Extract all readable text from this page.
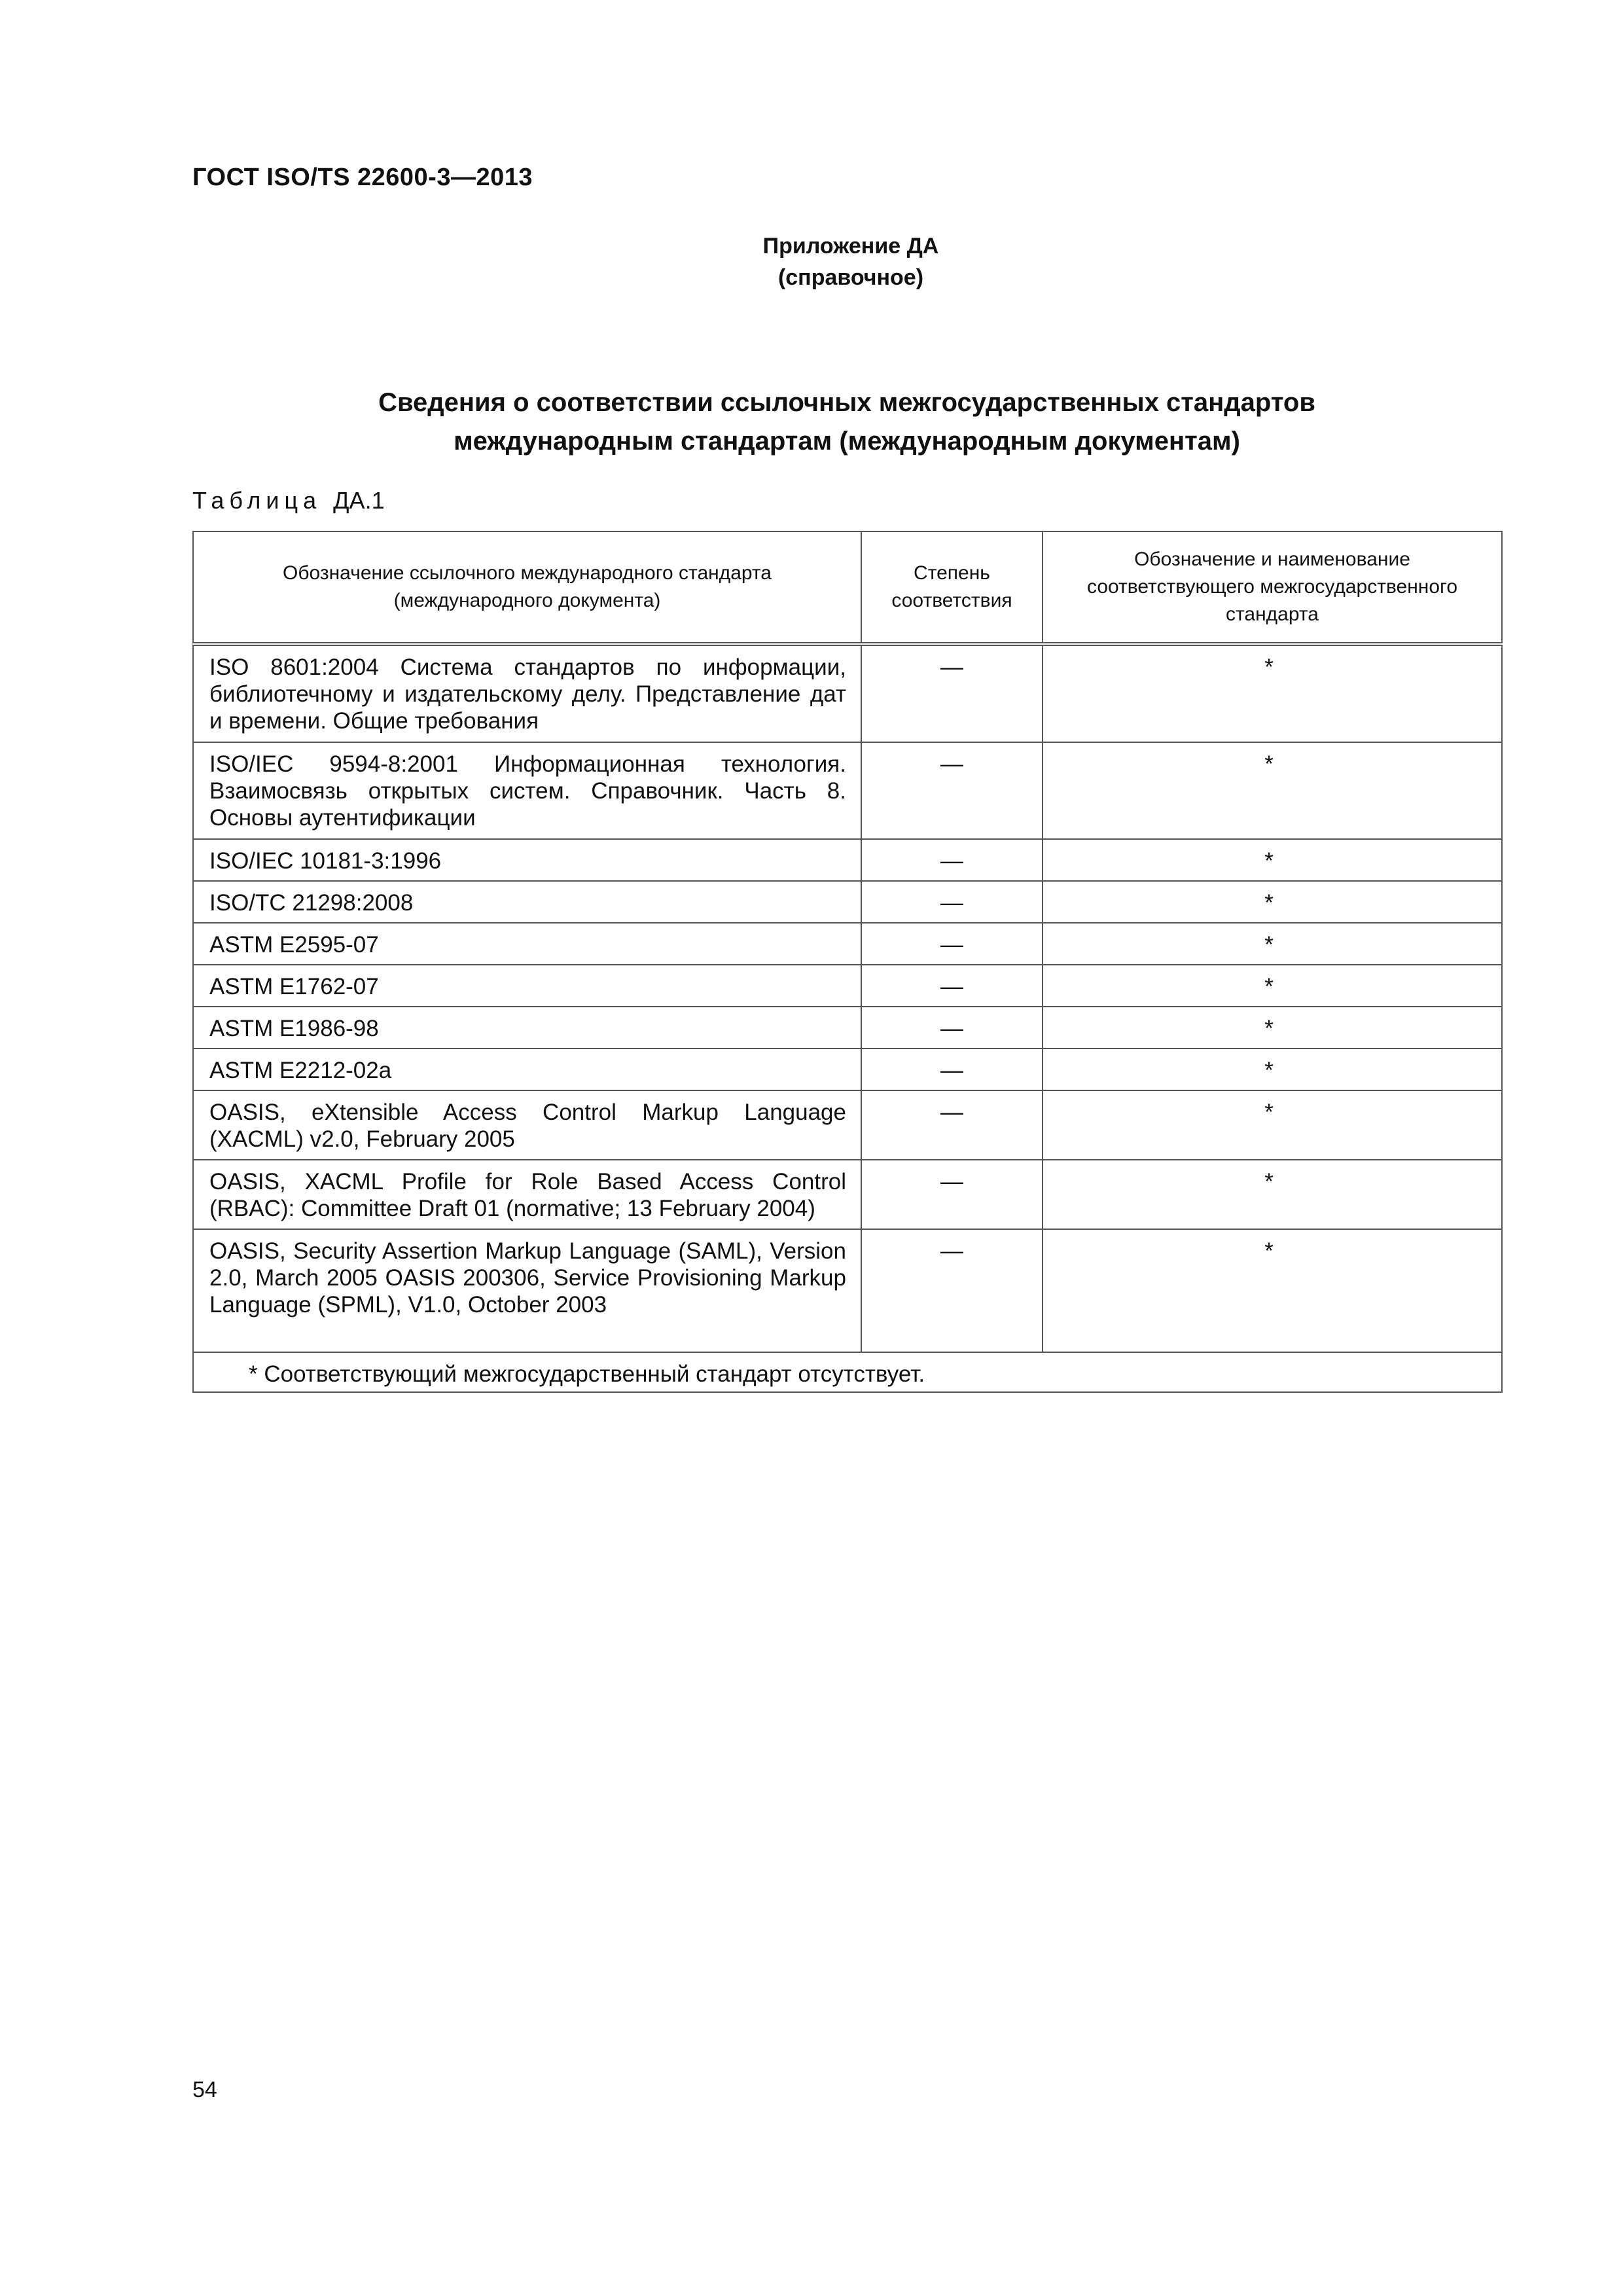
ГОСТ ISO/TS 22600-3—2013
Приложение ДА
(справочное)
Сведения о соответствии ссылочных межгосударственных стандартов
международным стандартам (международным документам)
Таблица ДА.1
Обозначение ссылочного международного стандарта (международного документа)	Степень соответствия	Обозначение и наименование соответствующего межгосударственного стандарта
ISO 8601:2004 Система стандартов по информации, библиотечному и издательскому делу. Представление дат и времени. Общие требования	—	*
ISO/IEC 9594-8:2001 Информационная технология. Взаимосвязь открытых систем. Справочник. Часть 8. Основы аутентификации	—	*
ISO/IEC 10181-3:1996	—	*
ISO/TC 21298:2008	—	*
ASTM E2595-07	—	*
ASTM E1762-07	—	*
ASTM E1986-98	—	*
ASTM E2212-02a	—	*
OASIS, eXtensible Access Control Markup Language (XACML) v2.0, February 2005	—	*
OASIS, XACML Profile for Role Based Access Control (RBAC): Committee Draft 01 (normative; 13 February 2004)	—	*
OASIS, Security Assertion Markup Language (SAML), Version 2.0, March 2005 OASIS 200306, Service Provisioning Markup Language (SPML), V1.0, October 2003	—	*
* Соответствующий межгосударственный стандарт отсутствует.		
54
